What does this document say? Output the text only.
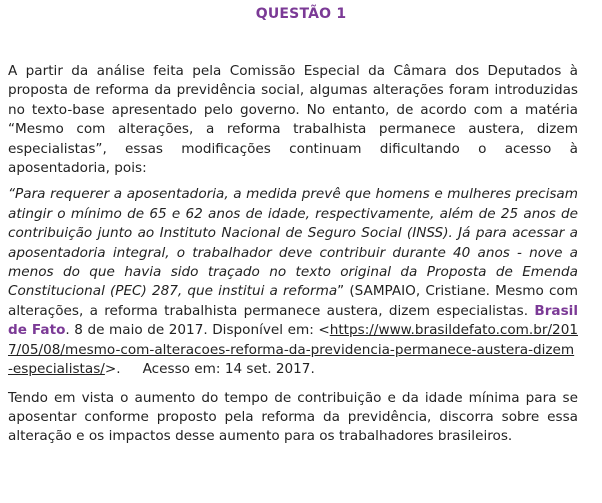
QUESTÃO 1

A partir da análise feita pela Comissão Especial da Câmara dos Deputados à proposta de reforma da previdência social, algumas alterações foram introduzidas no texto-base apresentado pelo governo. No entanto, de acordo com a matéria “Mesmo com alterações, a reforma trabalhista permanece austera, dizem especialistas”, essas modificações continuam dificultando o acesso à aposentadoria, pois:

“Para requerer a aposentadoria, a medida prevê que homens e mulheres precisam atingir o mínimo de 65 e 62 anos de idade, respectivamente, além de 25 anos de contribuição junto ao Instituto Nacional de Seguro Social (INSS). Já para acessar a aposentadoria integral, o trabalhador deve contribuir durante 40 anos - nove a menos do que havia sido traçado no texto original da Proposta de Emenda Constitucional (PEC) 287, que institui a reforma” (SAMPAIO, Cristiane. Mesmo com alterações, a reforma trabalhista permanece austera, dizem especialistas. Brasil de Fato. 8 de maio de 2017. Disponível em: <https://www.brasildefato.com.br/2017/05/08/mesmo-com-alteracoes-reforma-da-previdencia-permanece-austera-dizem-especialistas/>. Acesso em: 14 set. 2017.

Tendo em vista o aumento do tempo de contribuição e da idade mínima para se aposentar conforme proposto pela reforma da previdência, discorra sobre essa alteração e os impactos desse aumento para os trabalhadores brasileiros.
